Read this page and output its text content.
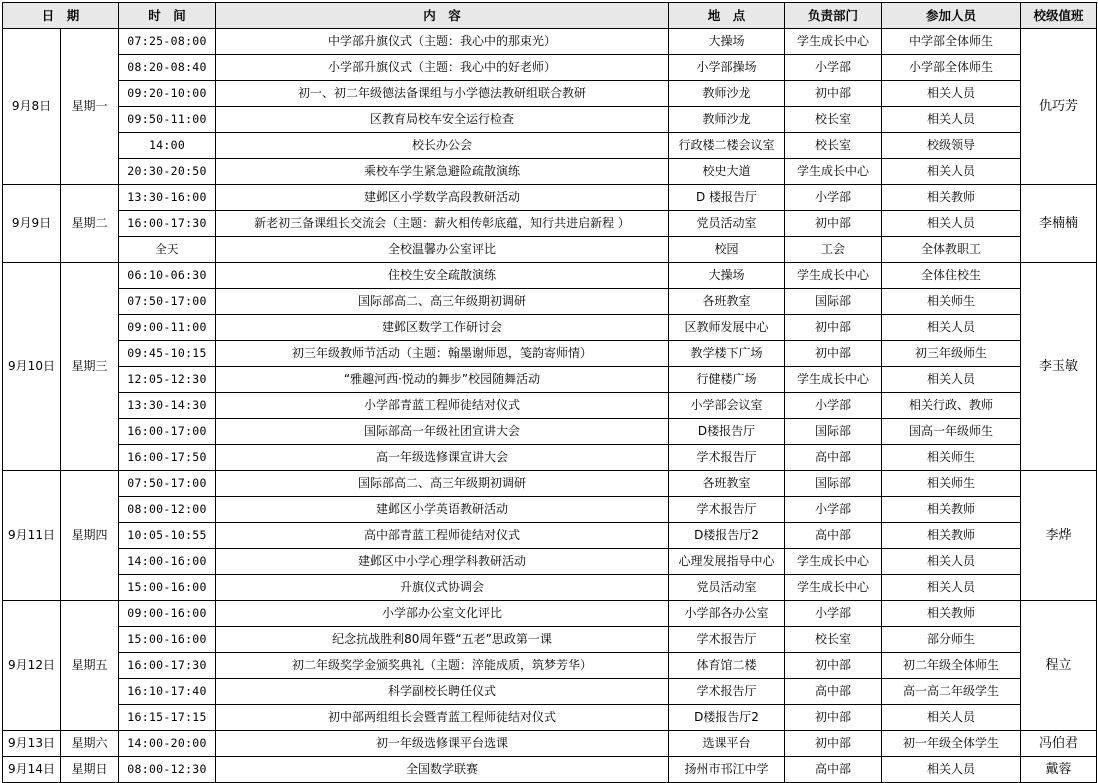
日　期		时　间	内　容	地　点	负责部门	参加人员	校级值班
9月8日	星期一	07:25-08:00	中学部升旗仪式（主题：我心中的那束光）	大操场	学生成长中心	中学部全体师生	仇巧芳
		08:20-08:40	小学部升旗仪式（主题：我心中的好老师）	小学部操场	小学部	小学部全体师生	
		09:20-10:00	初一、初二年级德法备课组与小学德法教研组联合教研	教师沙龙	初中部	相关人员	
		09:50-11:00	区教育局校车安全运行检查	教师沙龙	校长室	相关人员	
		14:00	校长办公会	行政楼二楼会议室	校长室	校级领导	
		20:30-20:50	乘校车学生紧急避险疏散演练	校史大道	学生成长中心	相关人员	
9月9日	星期二	13:30-16:00	建邺区小学数学高段教研活动	D 楼报告厅	小学部	相关教师	李楠楠
		16:00-17:30	新老初三备课组长交流会（主题：薪火相传彰底蕴，知行共进启新程 ）	党员活动室	初中部	相关人员	
		全天	全校温馨办公室评比	校园	工会	全体教职工	
9月10日	星期三	06:10-06:30	住校生安全疏散演练	大操场	学生成长中心	全体住校生	李玉敏
		07:50-17:00	国际部高二、高三年级期初调研	各班教室	国际部	相关师生	
		09:00-11:00	建邺区数学工作研讨会	区教师发展中心	初中部	相关人员	
		09:45-10:15	初三年级教师节活动（主题：翰墨谢师恩，笺韵寄师情）	教学楼下广场	初中部	初三年级师生	
		12:05-12:30	“雅趣河西·悦动的舞步”校园随舞活动	行健楼广场	学生成长中心	相关人员	
		13:30-14:30	小学部青蓝工程师徒结对仪式	小学部会议室	小学部	相关行政、教师	
		16:00-17:00	国际部高一年级社团宣讲大会	D楼报告厅	国际部	国高一年级师生	
		16:00-17:50	高一年级选修课宣讲大会	学术报告厅	高中部	相关师生	
9月11日	星期四	07:50-17:00	国际部高二、高三年级期初调研	各班教室	国际部	相关师生	李烨
		08:00-12:00	建邺区小学英语教研活动	学术报告厅	小学部	相关教师	
		10:05-10:55	高中部青蓝工程师徒结对仪式	D楼报告厅2	高中部	相关教师	
		14:00-16:00	建邺区中小学心理学科教研活动	心理发展指导中心	学生成长中心	相关人员	
		15:00-16:00	升旗仪式协调会	党员活动室	学生成长中心	相关人员	
9月12日	星期五	09:00-16:00	小学部办公室文化评比	小学部各办公室	小学部	相关教师	程立
		15:00-16:00	纪念抗战胜利80周年暨“五老”思政第一课	学术报告厅	校长室	部分师生	
		16:00-17:30	初二年级奖学金颁奖典礼（主题：淬能成质，筑梦芳华）	体育馆二楼	初中部	初二年级全体师生	
		16:10-17:40	科学副校长聘任仪式	学术报告厅	高中部	高一高二年级学生	
		16:15-17:15	初中部两组组长会暨青蓝工程师徒结对仪式	D楼报告厅2	初中部	相关人员	
9月13日	星期六	14:00-20:00	初一年级选修课平台选课	选课平台	初中部	初一年级全体学生	冯伯君
9月14日	星期日	08:00-12:30	全国数学联赛	扬州市邗江中学	高中部	相关人员	戴蓉
